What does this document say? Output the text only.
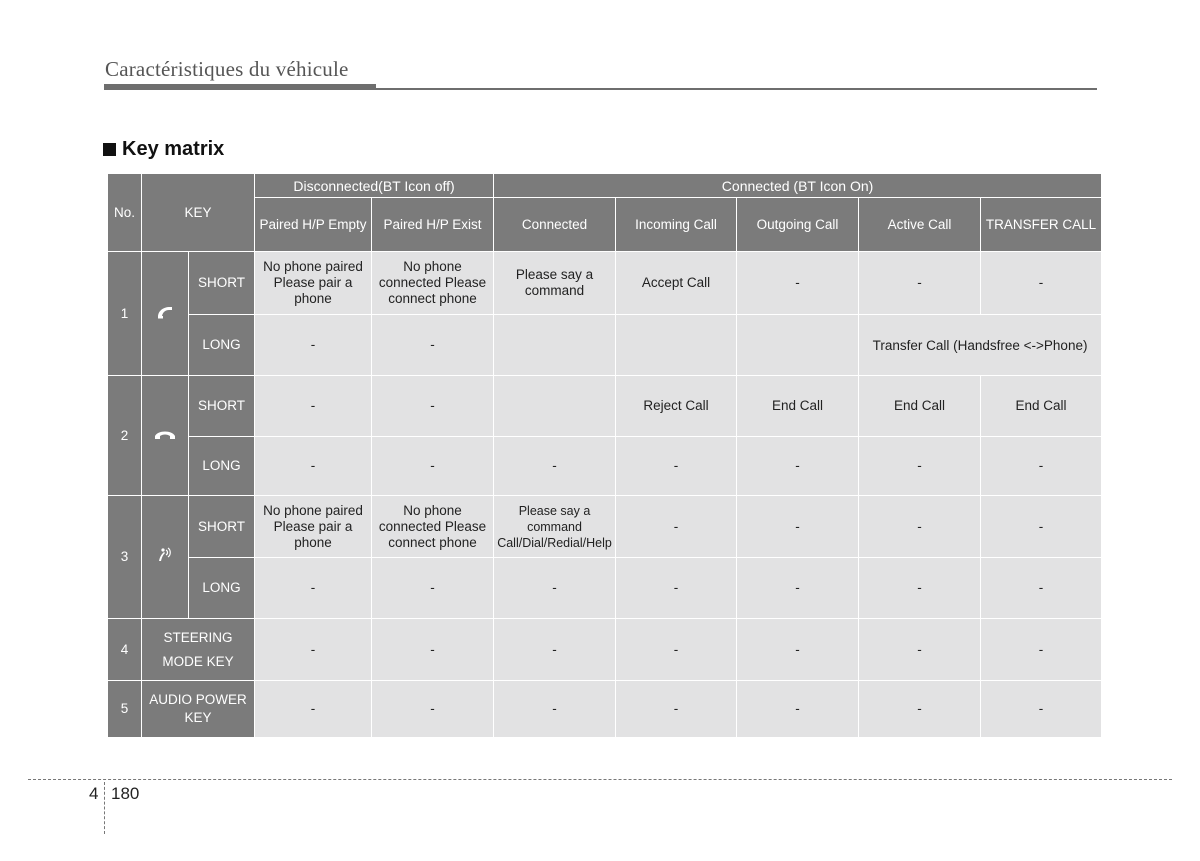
Caractéristiques du véhicule
Key matrix
No.	KEY		Disconnected(BT Icon off)		Connected (BT Icon On)				
			Paired H/P Empty	Paired H/P Exist	Connected	Incoming Call	Outgoing Call	Active Call	TRANSFER CALL
1		SHORT	No phone paired Please pair a phone	No phone connected Please connect phone	Please say a command	Accept Call	-	-	-
		LONG	-	-				Transfer Call (Handsfree <->Phone)	
2		SHORT	-	-		Reject Call	End Call	End Call	End Call
		LONG	-	-	-	-	-	-	-
3		SHORT	No phone paired Please pair a phone	No phone connected Please connect phone	Please say a command Call/Dial/Redial/Help	-	-	-	-
		LONG	-	-	-	-	-	-	-
4	STEERING MODE KEY		-	-	-	-	-	-	-
5	AUDIO POWER KEY		-	-	-	-	-	-	-
4 180
